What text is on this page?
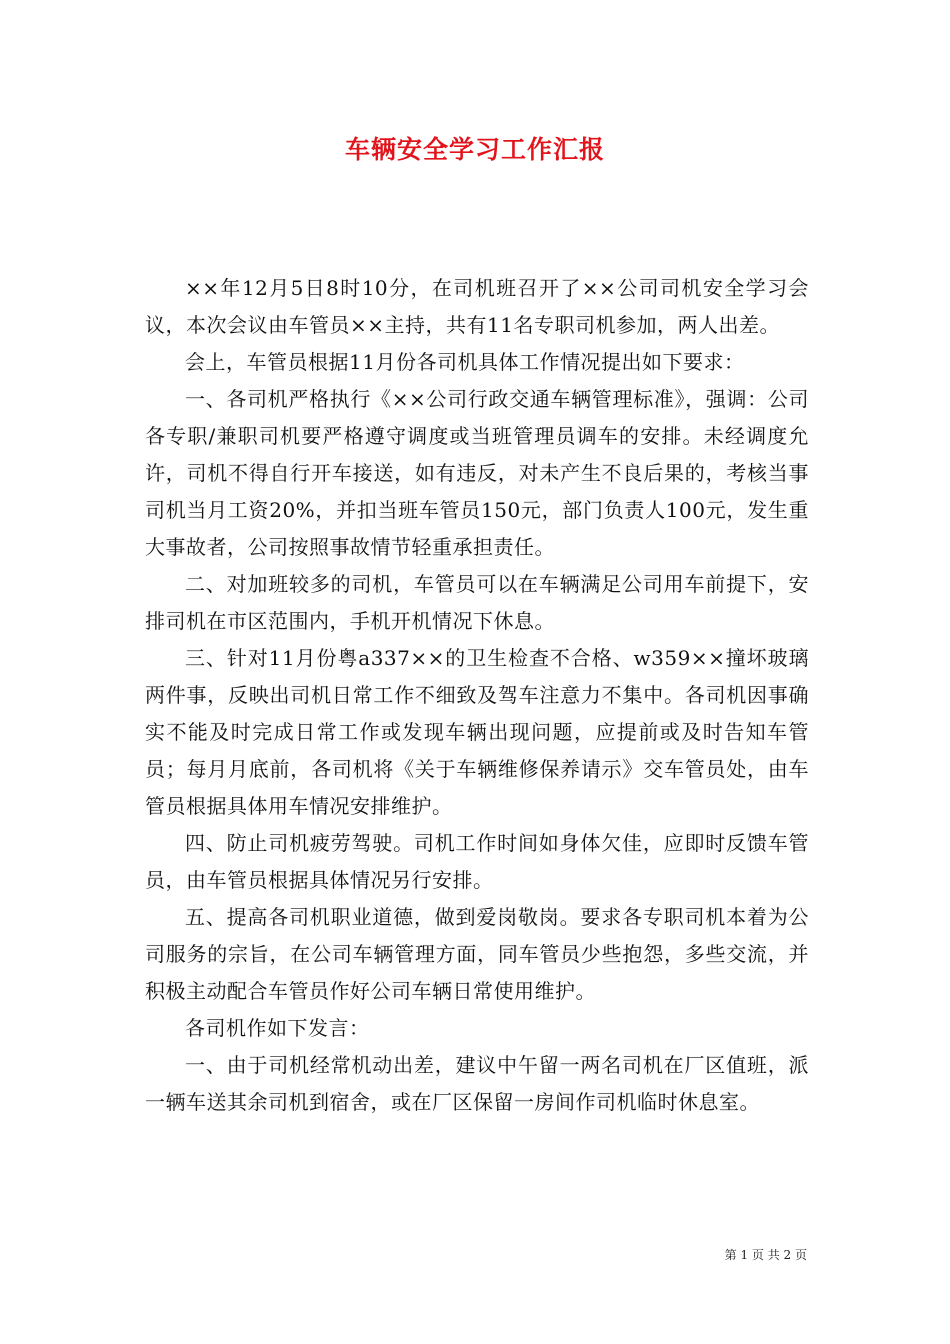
车辆安全学习工作汇报

××年12月5日8时10分，在司机班召开了××公司司机安全学习会议，本次会议由车管员××主持，共有11名专职司机参加，两人出差。

会上，车管员根据11月份各司机具体工作情况提出如下要求：

一、各司机严格执行《××公司行政交通车辆管理标准》，强调：公司各专职/兼职司机要严格遵守调度或当班管理员调车的安排。未经调度允许，司机不得自行开车接送，如有违反，对未产生不良后果的，考核当事司机当月工资20%，并扣当班车管员150元，部门负责人100元，发生重大事故者，公司按照事故情节轻重承担责任。

二、对加班较多的司机，车管员可以在车辆满足公司用车前提下，安排司机在市区范围内，手机开机情况下休息。

三、针对11月份粤a337××的卫生检查不合格、w359××撞坏玻璃两件事，反映出司机日常工作不细致及驾车注意力不集中。各司机因事确实不能及时完成日常工作或发现车辆出现问题，应提前或及时告知车管员；每月月底前，各司机将《关于车辆维修保养请示》交车管员处，由车管员根据具体用车情况安排维护。

四、防止司机疲劳驾驶。司机工作时间如身体欠佳，应即时反馈车管员，由车管员根据具体情况另行安排。

五、提高各司机职业道德，做到爱岗敬岗。要求各专职司机本着为公司服务的宗旨，在公司车辆管理方面，同车管员少些抱怨，多些交流，并积极主动配合车管员作好公司车辆日常使用维护。

各司机作如下发言：

一、由于司机经常机动出差，建议中午留一两名司机在厂区值班，派一辆车送其余司机到宿舍，或在厂区保留一房间作司机临时休息室。

第 1 页 共 2 页
